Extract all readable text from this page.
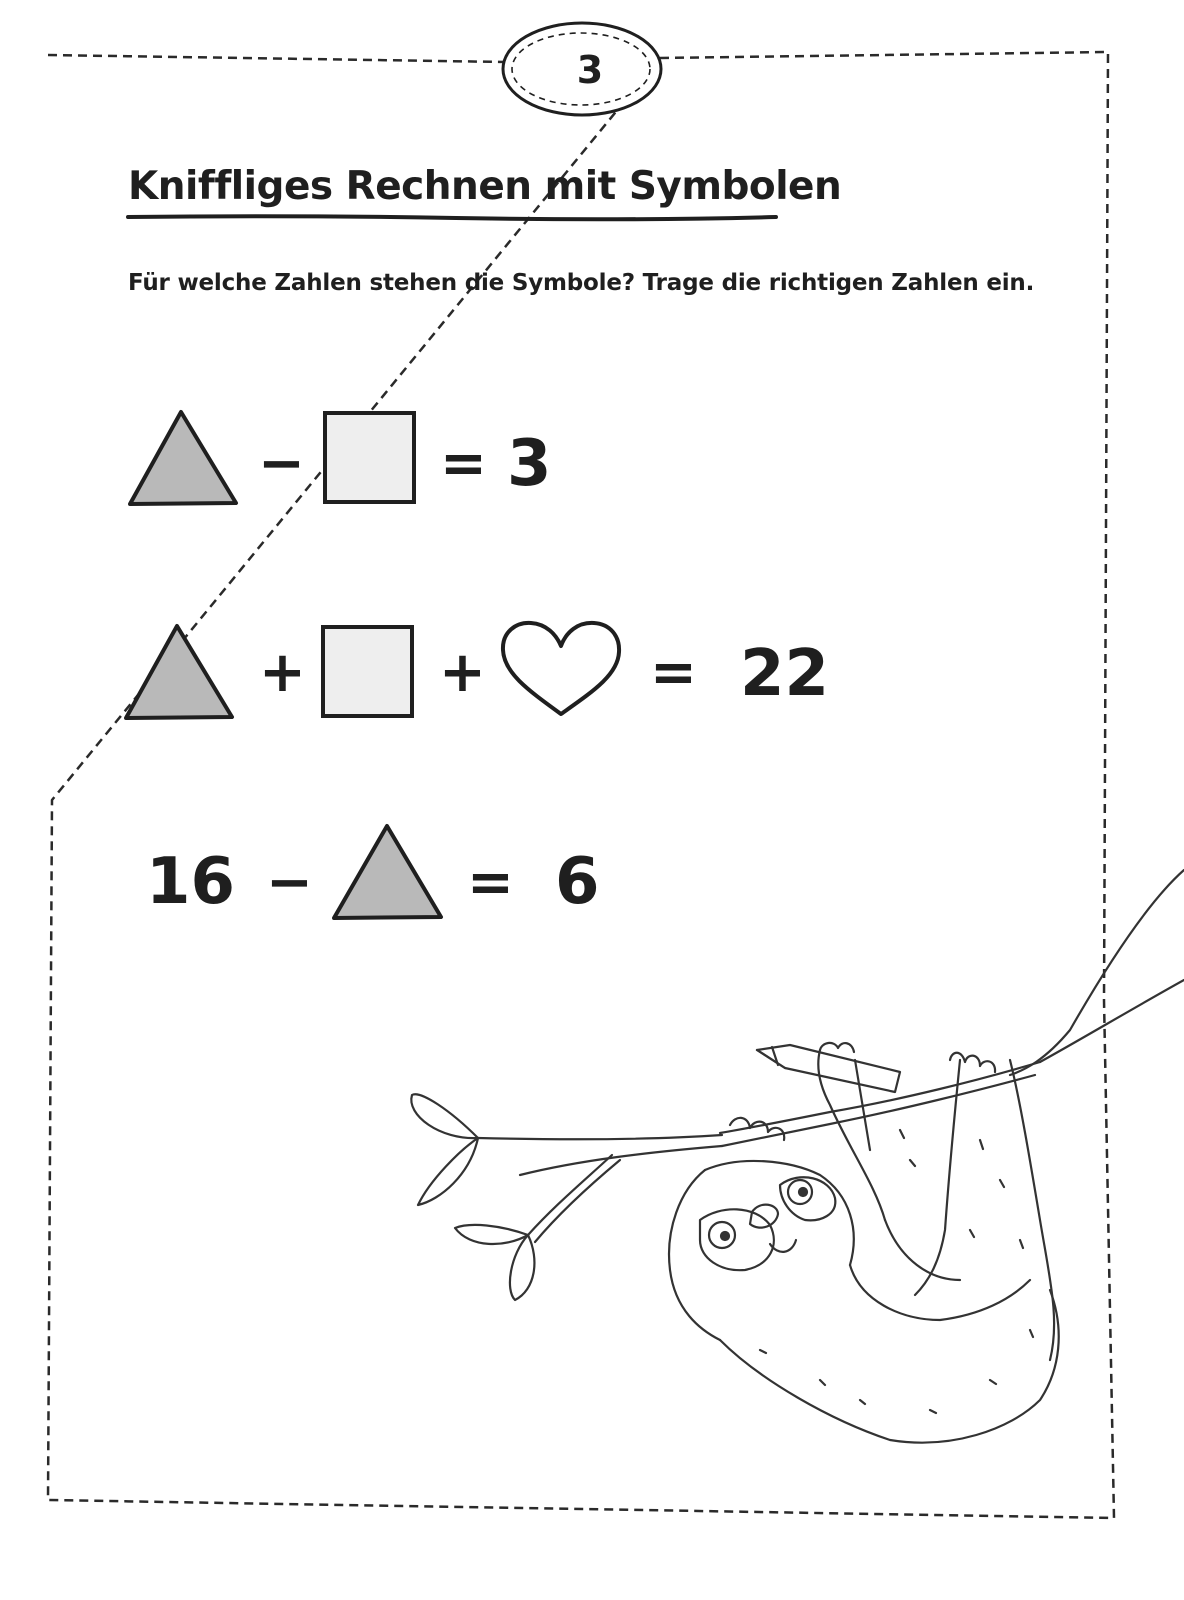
3
Kniffliges Rechnen mit Symbolen
Für welche Zahlen stehen die Symbole? Trage die richtigen Zahlen ein.
− = 3
+ +	= 22
16 −	= 6
